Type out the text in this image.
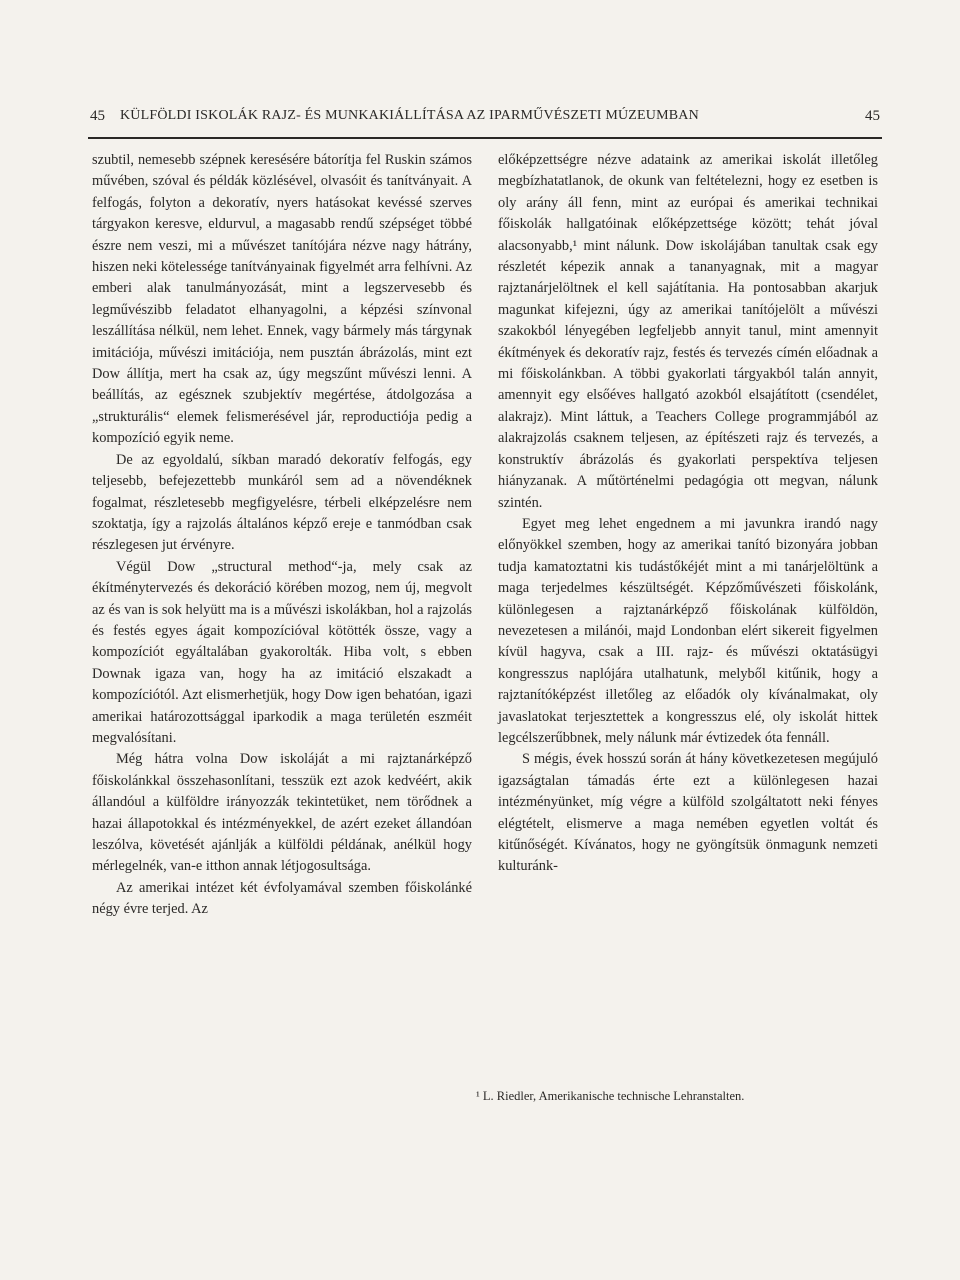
45 KÜLFÖLDI ISKOLÁK RAJZ- ÉS MUNKAKIÁLLÍTÁSA AZ IPARMŰVÉSZETI MÚZEUMBAN	45

szubtil, nemesebb szépnek keresésére bátorítja fel Ruskin számos művében, szóval és példák közlésével, olvasóit és tanítványait. A felfogás, folyton a dekoratív, nyers hatásokat kevéssé szerves tárgyakon keresve, eldurvul, a magasabb rendű szépséget többé észre nem veszi, mi a művészet tanítójára nézve nagy hátrány, hiszen neki kötelessége tanítványainak figyelmét arra felhívni. Az emberi alak tanulmányozását, mint a legszervesebb és legművészibb feladatot elhanyagolni, a képzési színvonal leszállítása nélkül, nem lehet. Ennek, vagy bármely más tárgynak imitációja, művészi imitációja, nem pusztán ábrázolás, mint ezt Dow állítja, mert ha csak az, úgy megszűnt művészi lenni. A beállítás, az egésznek szubjektív megértése, átdolgozása a „strukturális“ elemek felismerésével jár, reproductiója pedig a kompozíció egyik neme.

De az egyoldalú, síkban maradó dekoratív felfogás, egy teljesebb, befejezettebb munkáról sem ad a növendéknek fogalmat, részletesebb megfigyelésre, térbeli elképzelésre nem szoktatja, így a rajzolás általános képző ereje e tanmódban csak részlegesen jut érvényre.

Végül Dow „structural method“-ja, mely csak az ékítménytervezés és dekoráció körében mozog, nem új, megvolt az és van is sok helyütt ma is a művészi iskolákban, hol a rajzolás és festés egyes ágait kompozícióval kötötték össze, vagy a kompozíciót egyáltalában gyakorolták. Hiba volt, s ebben Downak igaza van, hogy ha az imitáció elszakadt a kompozíciótól. Azt elismerhetjük, hogy Dow igen behatóan, igazi amerikai határozottsággal iparkodik a maga területén eszméit megvalósítani.

Még hátra volna Dow iskoláját a mi rajztanárképző főiskolánkkal összehasonlítani, tesszük ezt azok kedvéért, akik állandóul a külföldre irányozzák tekintetüket, nem törődnek a hazai állapotokkal és intézményekkel, de azért ezeket állandóan leszólva, követését ajánlják a külföldi példának, anélkül hogy mérlegelnék, van-e itthon annak létjogosultsága.

Az amerikai intézet két évfolyamával szemben főiskolánké négy évre terjed. Az

előképzettségre nézve adataink az amerikai iskolát illetőleg megbízhatatlanok, de okunk van feltételezni, hogy ez esetben is oly arány áll fenn, mint az európai és amerikai technikai főiskolák hallgatóinak előképzettsége között; tehát jóval alacsonyabb,¹ mint nálunk. Dow iskolájában tanultak csak egy részletét képezik annak a tananyagnak, mit a magyar rajztanárjelöltnek el kell sajátítania. Ha pontosabban akarjuk magunkat kifejezni, úgy az amerikai tanítójelölt a művészi szakokból lényegében legfeljebb annyit tanul, mint amennyit ékítmények és dekoratív rajz, festés és tervezés címén előadnak a mi főiskolánkban. A többi gyakorlati tárgyakból talán annyit, amennyit egy elsőéves hallgató azokból elsajátított (csendélet, alakrajz). Mint láttuk, a Teachers College programmjából az alakrajzolás csaknem teljesen, az építészeti rajz és tervezés, a konstruktív ábrázolás és gyakorlati perspektíva teljesen hiányzanak. A műtörténelmi pedagógia ott megvan, nálunk szintén.

Egyet meg lehet engednem a mi javunkra irandó nagy előnyökkel szemben, hogy az amerikai tanító bizonyára jobban tudja kamatoztatni kis tudástőkéjét mint a mi tanárjelöltünk a maga terjedelmes készültségét. Képzőművészeti főiskolánk, különlegesen a rajztanárképző főiskolának külföldön, nevezetesen a milánói, majd Londonban elért sikereit figyelmen kívül hagyva, csak a III. rajz- és művészi oktatásügyi kongresszus naplójára utalhatunk, melyből kitűnik, hogy a rajztanítóképzést illetőleg az előadók oly kívánalmakat, oly javaslatokat terjesztettek a kongresszus elé, oly iskolát hittek legcélszerűbbnek, mely nálunk már évtizedek óta fennáll.

S mégis, évek hosszú során át hány következetesen megújuló igazságtalan támadás érte ezt a különlegesen hazai intézményünket, míg végre a külföld szolgáltatott neki fényes elégtételt, elismerve a maga nemében egyetlen voltát és kitűnőségét. Kívánatos, hogy ne gyöngítsük önmagunk nemzeti kulturánk-

¹ L. Riedler, Amerikanische technische Lehranstalten.
